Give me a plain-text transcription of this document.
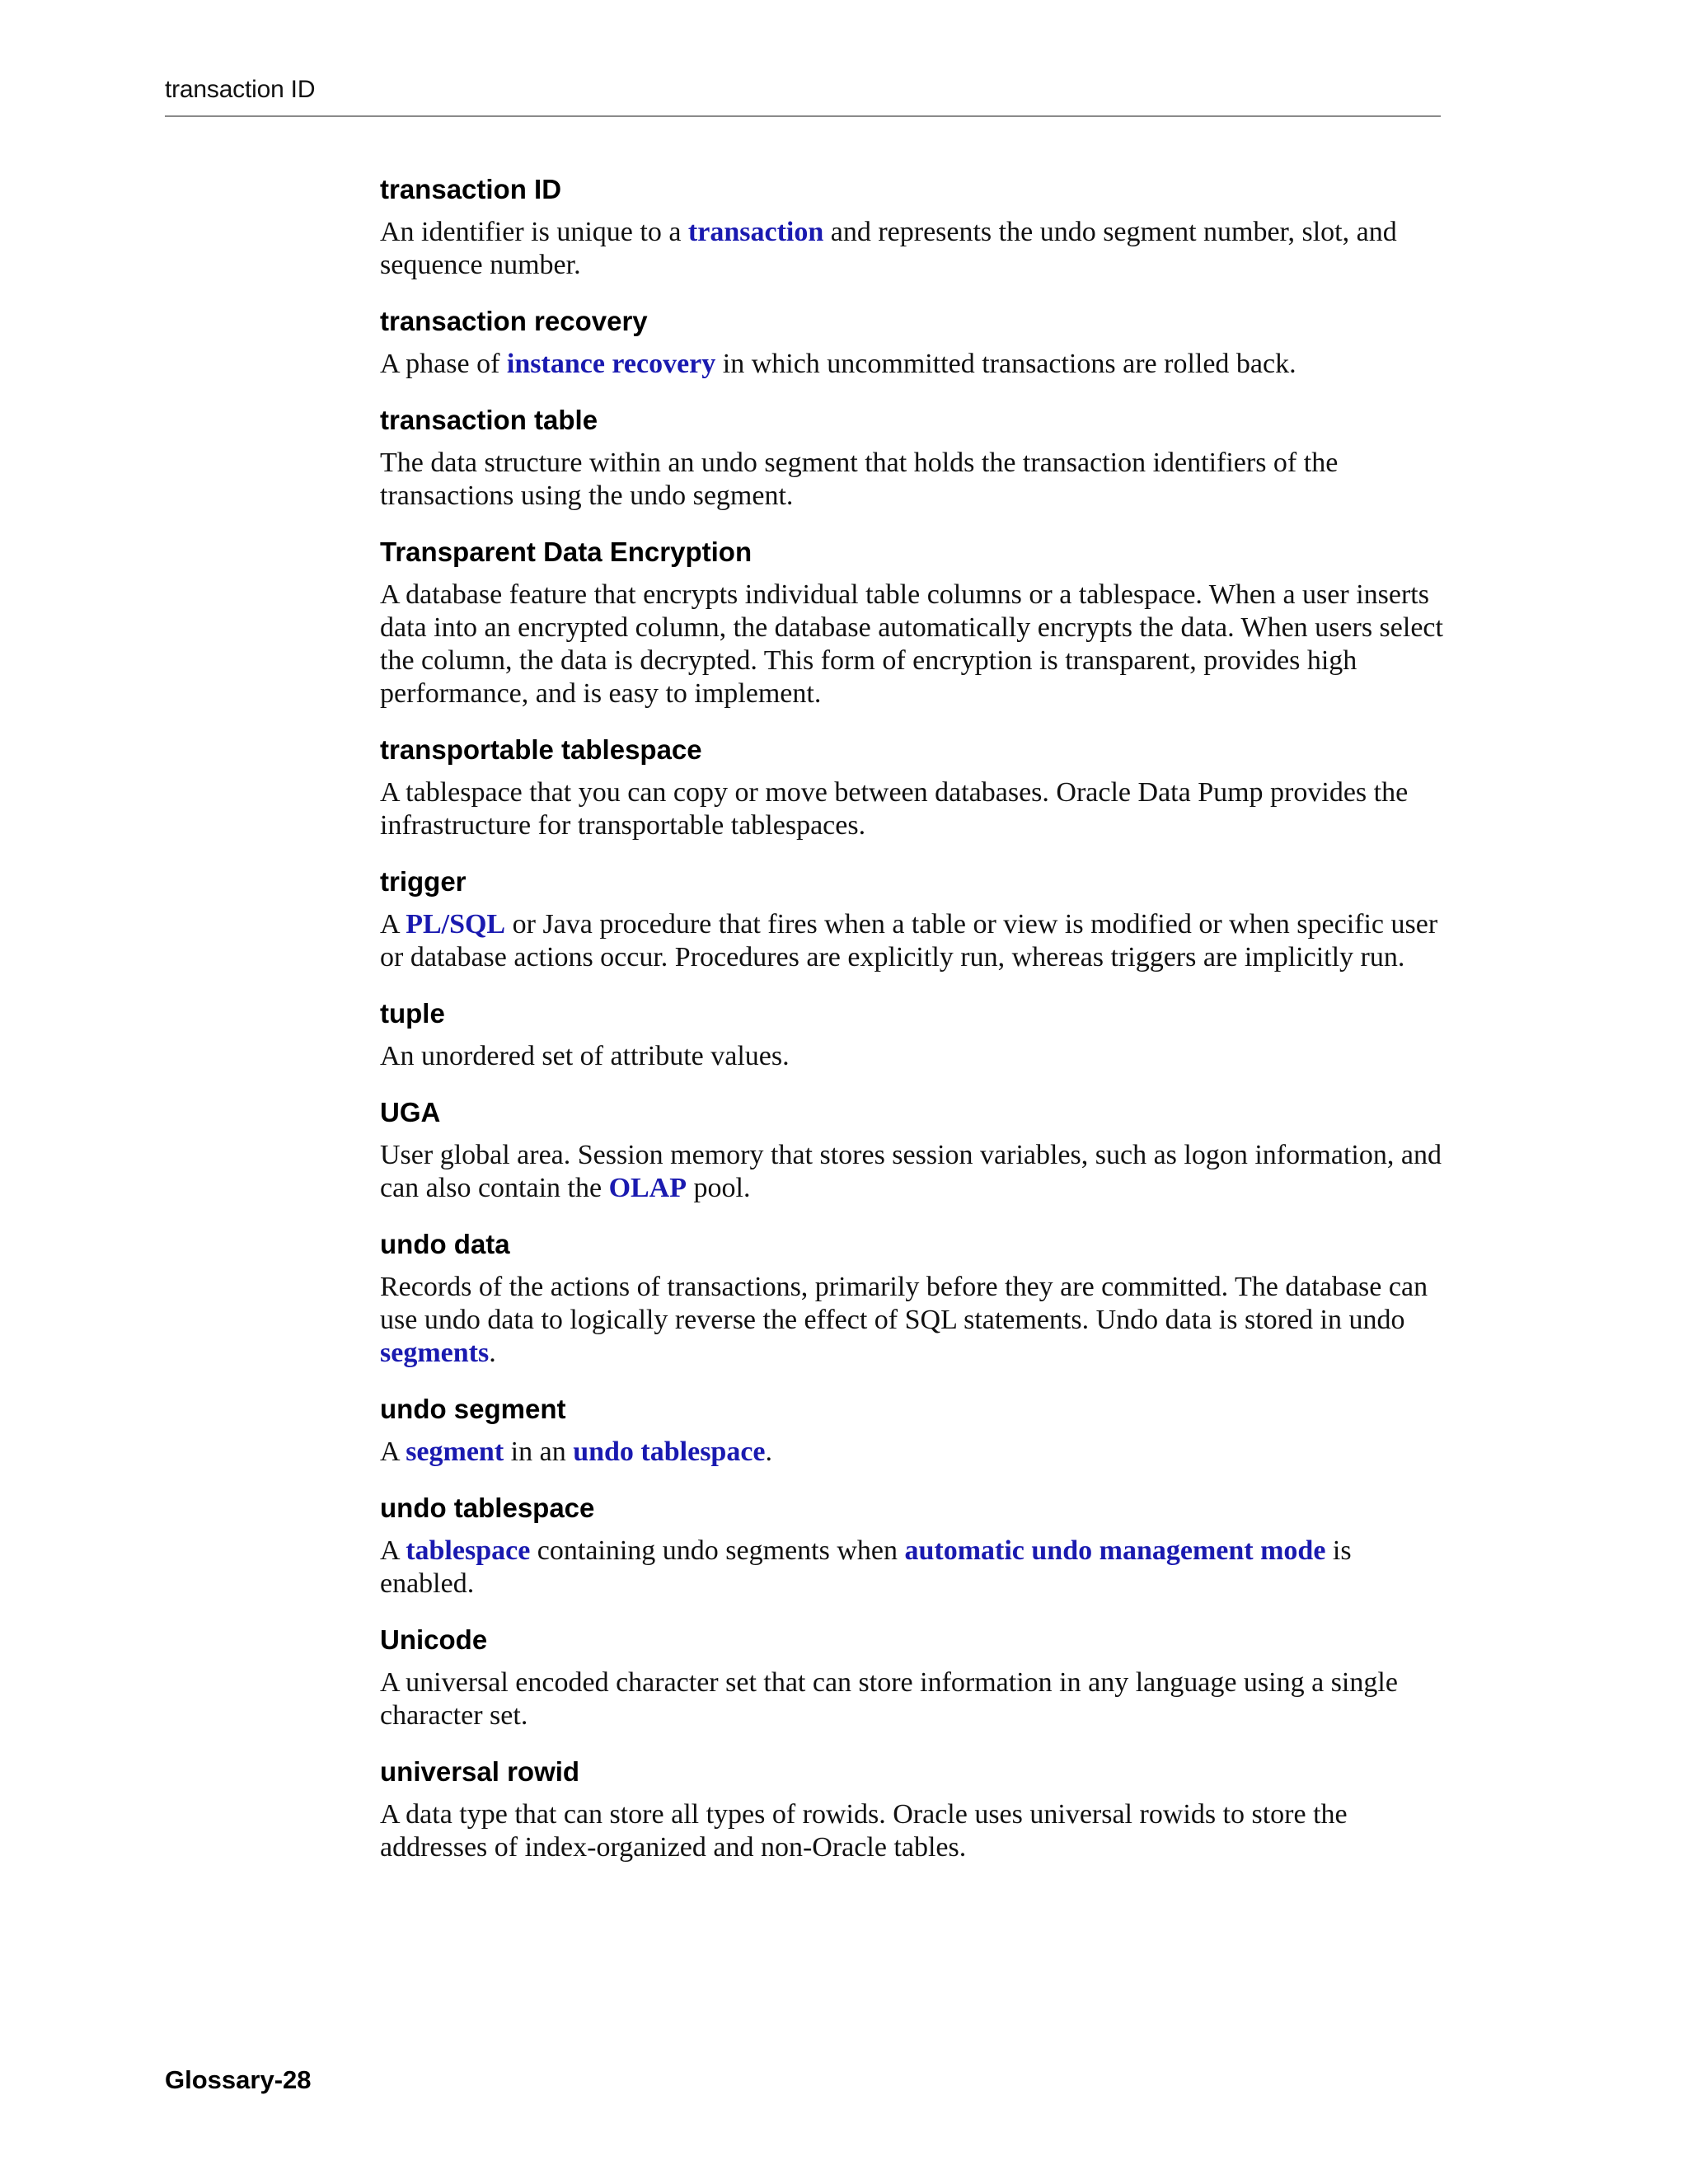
transaction ID
transaction ID

An identifier is unique to a transaction and represents the undo segment number, slot, and sequence number.

transaction recovery

A phase of instance recovery in which uncommitted transactions are rolled back.

transaction table

The data structure within an undo segment that holds the transaction identifiers of the transactions using the undo segment.

Transparent Data Encryption

A database feature that encrypts individual table columns or a tablespace. When a user inserts data into an encrypted column, the database automatically encrypts the data. When users select the column, the data is decrypted. This form of encryption is transparent, provides high performance, and is easy to implement.

transportable tablespace

A tablespace that you can copy or move between databases. Oracle Data Pump provides the infrastructure for transportable tablespaces.

trigger

A PL/SQL or Java procedure that fires when a table or view is modified or when specific user or database actions occur. Procedures are explicitly run, whereas triggers are implicitly run.

tuple

An unordered set of attribute values.

UGA

User global area. Session memory that stores session variables, such as logon information, and can also contain the OLAP pool.

undo data

Records of the actions of transactions, primarily before they are committed. The database can use undo data to logically reverse the effect of SQL statements. Undo data is stored in undo segments.

undo segment

A segment in an undo tablespace.

undo tablespace

A tablespace containing undo segments when automatic undo management mode is enabled.

Unicode

A universal encoded character set that can store information in any language using a single character set.

universal rowid

A data type that can store all types of rowids. Oracle uses universal rowids to store the addresses of index-organized and non-Oracle tables.

Glossary-28
